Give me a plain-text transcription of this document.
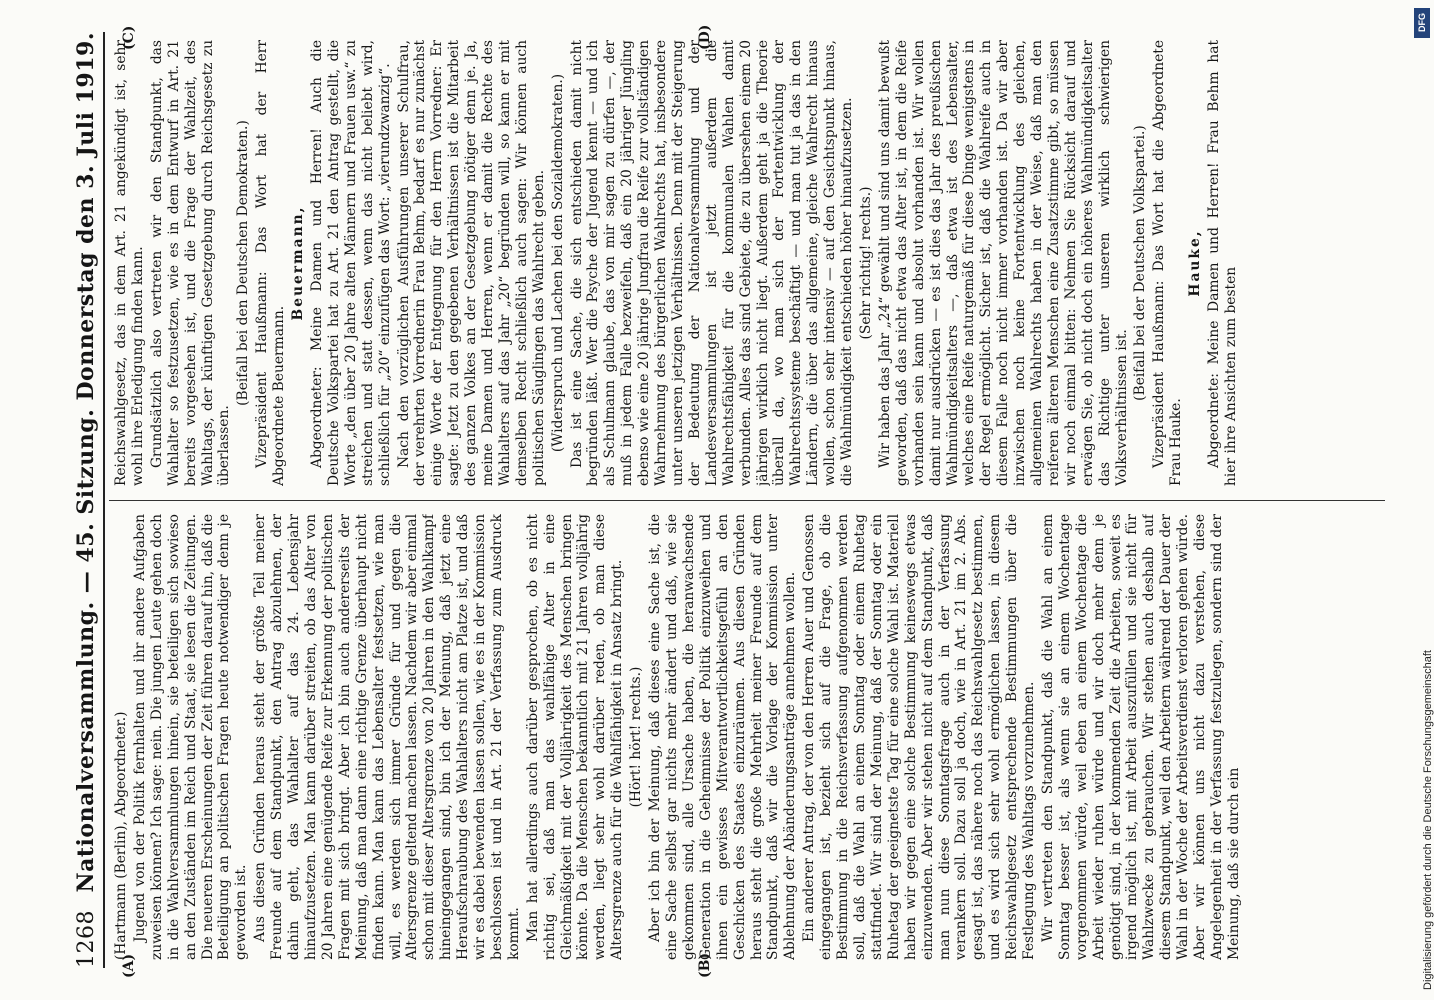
1268
Nationalversammlung. — 45. Sitzung. Donnerstag den 3. Juli 1919.
(A)	(B)
(C)	(D)

(Hartmann (Berlin), Abgeordneter.) Jugend von der Politik fernhalten und ihr andere Aufgaben zuweisen können? Ich sage: nein. Die jungen Leute gehen doch in die Wahlversammlungen hinein, sie beteiligen sich sowieso an den Zuständen im Reich und Staat, sie lesen die Zeitungen. Die neueren Erscheinungen der Zeit führen darauf hin, daß die Beteiligung an politischen Fragen heute notwendiger denn je geworden ist. Aus diesen Gründen heraus steht der größte Teil meiner Freunde auf dem Standpunkt, den Antrag abzulehnen, der dahin geht, das Wahlalter auf das 24. Lebensjahr hinaufzusetzen. Man kann darüber streiten, ob das Alter von 20 Jahren eine genügende Reife zur Erkennung der politischen Fragen mit sich bringt. Aber ich bin auch andererseits der Meinung, daß man dann eine richtige Grenze überhaupt nicht finden kann. Man kann das Lebensalter festsetzen, wie man will, es werden sich immer Gründe für und gegen die Altersgrenze geltend machen lassen. Nachdem wir aber einmal schon mit dieser Altersgrenze von 20 Jahren in den Wahlkampf hineingegangen sind, bin ich der Meinung, daß jetzt eine Heraufschraubung des Wahlalters nicht am Platze ist, und daß wir es dabei bewenden lassen sollen, wie es in der Kommission beschlossen ist und in Art. 21 der Verfassung zum Ausdruck kommt. Man hat allerdings auch darüber gesprochen, ob es nicht richtig sei, daß man das wahlfähige Alter in eine Gleichmäßigkeit mit der Volljährigkeit des Menschen bringen könnte. Da die Menschen bekanntlich mit 21 Jahren volljährig werden, liegt sehr wohl darüber reden, ob man diese Altersgrenze auch für die Wahlfähigkeit in Ansatz bringt. (Hört! hört! rechts.) Aber ich bin der Meinung, daß dieses eine Sache ist, die eine Sache selbst gar nichts mehr ändert und daß, wie sie gekommen sind, alle Ursache haben, die heranwachsende Generation in die Geheimnisse der Politik einzuweihen und ihnen ein gewisses Mitverantwortlichkeitsgefühl an den Geschicken des Staates einzuräumen. Aus diesen Gründen heraus steht die große Mehrheit meiner Freunde auf dem Standpunkt, daß wir die Vorlage der Kommission unter Ablehnung der Abänderungsanträge annehmen wollen. Ein anderer Antrag, der von den Herren Auer und Genossen eingegangen ist, bezieht sich auf die Frage, ob die Bestimmung in die Reichsverfassung aufgenommen werden soll, daß die Wahl an einem Sonntag oder einem Ruhetag stattfindet. Wir sind der Meinung, daß der Sonntag oder ein Ruhetag der geeignetste Tag für eine solche Wahl ist. Materiell haben wir gegen eine solche Bestimmung keineswegs etwas einzuwenden. Aber wir stehen nicht auf dem Standpunkt, daß man nun diese Sonntagsfrage auch in der Verfassung verankern soll. Dazu soll ja doch, wie in Art. 21 im 2. Abs. gesagt ist, das nähere noch das Reichswahlgesetz bestimmen, und es wird sich sehr wohl ermöglichen lassen, in diesem Reichswahlgesetz entsprechende Bestimmungen über die Festlegung des Wahltags vorzunehmen. Wir vertreten den Standpunkt, daß die Wahl an einem Sonntag besser ist, als wenn sie an einem Wochentage vorgenommen würde, weil eben an einem Wochentage die Arbeit wieder ruhen würde und wir doch mehr denn je genötigt sind, in der kommenden Zeit die Arbeiten, soweit es irgend möglich ist, mit Arbeit auszufüllen und sie nicht für Wahlzwecke zu gebrauchen. Wir stehen auch deshalb auf diesem Standpunkt, weil den Arbeitern während der Dauer der Wahl in der Woche der Arbeitsverdienst verloren gehen würde. Aber wir können uns nicht dazu verstehen, diese Angelegenheit in der Verfassung festzulegen, sondern sind der Meinung, daß sie durch ein

Reichswahlgesetz, das in dem Art. 21 angekündigt ist, sehr wohl ihre Erledigung finden kann. Grundsätzlich also vertreten wir den Standpunkt, das Wahlalter so festzusetzen, wie es in dem Entwurf in Art. 21 bereits vorgesehen ist, und die Frage der Wahlzeit, des Wahltags, der künftigen Gesetzgebung durch Reichsgesetz zu überlassen.

(Beifall bei den Deutschen Demokraten.) Vizepräsident Haußmann: Das Wort hat der Herr Abgeordnete Beuermann.

Beuermann, Abgeordneter: Meine Damen und Herren! Auch die Deutsche Volkspartei hat zu Art. 21 den Antrag gestellt, die Worte „den über 20 Jahre alten Männern und Frauen usw.“ zu streichen und statt dessen, wenn das nicht beliebt wird, schließlich für „20“ einzufügen das Wort: „vierundzwanzig“. Nach den vorzüglichen Ausführungen unserer Schulfrau, der verehrten Vorrednerin Frau Behm, bedarf es nur zunächst einige Worte der Entgegnung für den Herrn Vorredner: Er sagte: Jetzt zu den gegebenen Verhältnissen ist die Mitarbeit des ganzen Volkes an der Gesetzgebung nötiger denn je. Ja, meine Damen und Herren, wenn er damit die Rechte des Wahlalters auf das Jahr „20“ begründen will, so kann er mit demselben Recht schließlich auch sagen: Wir können auch politischen Säuglingen das Wahlrecht geben. (Widerspruch und Lachen bei den Sozialdemokraten.) Das ist eine Sache, die sich entschieden damit nicht begründen läßt. Wer die Psyche der Jugend kennt — und ich als Schulmann glaube, das von mir sagen zu dürfen —, der muß in jedem Falle bezweifeln, daß ein 20 jähriger Jüngling ebenso wie eine 20 jährige Jungfrau die Reife zur vollständigen Wahrnehmung des bürgerlichen Wahlrechts hat, insbesondere unter unseren jetzigen Verhältnissen. Denn mit der Steigerung der Bedeutung der Nationalversammlung und der Landesversammlungen ist jetzt außerdem die Wahlrechtsfähigkeit für die kommunalen Wahlen damit verbunden. Alles das sind Gebiete, die zu übersehen einem 20 jährigen wirklich nicht liegt. Außerdem geht ja die Theorie überall da, wo man sich der Fortentwicklung der Wahlrechtssysteme beschäftigt — und man tut ja das in den Ländern, die über das allgemeine, gleiche Wahlrecht hinaus wollen, schon sehr intensiv — auf den Gesichtspunkt hinaus, die Wahlmündigkeit entschieden höher hinaufzusetzen. (Sehr richtig! rechts.) Wir haben das Jahr „24“ gewählt und sind uns damit bewußt geworden, daß das nicht etwa das Alter ist, in dem die Reife vorhanden sein kann und absolut vorhanden ist. Wir wollen damit nur ausdrücken — es ist dies das Jahr des preußischen Wahlmündigkeitsalters —, daß etwa ist des Lebensalter, welches eine Reife naturgemäß für diese Dinge wenigstens in der Regel ermöglicht. Sicher ist, daß die Wahlreife auch in diesem Falle noch nicht immer vorhanden ist. Da wir aber inzwischen noch keine Fortentwicklung des gleichen, allgemeinen Wahlrechts haben in der Weise, daß man den reiferen älteren Menschen eine Zusatzstimme gibt, so müssen wir noch einmal bitten: Nehmen Sie Rücksicht darauf und erwägen Sie, ob nicht doch ein höheres Wahlmündigkeitsalter das Richtige unter unseren wirklich schwierigen Volksverhältnissen ist.

(Beifall bei der Deutschen Volkspartei.) Vizepräsident Haußmann: Das Wort hat die Abgeordnete Frau Hauke.

Hauke, Abgeordnete: Meine Damen und Herren! Frau Behm hat hier ihre Ansichten zum besten

DFG
Digitalisierung gefördert durch die Deutsche Forschungsgemeinschaft
